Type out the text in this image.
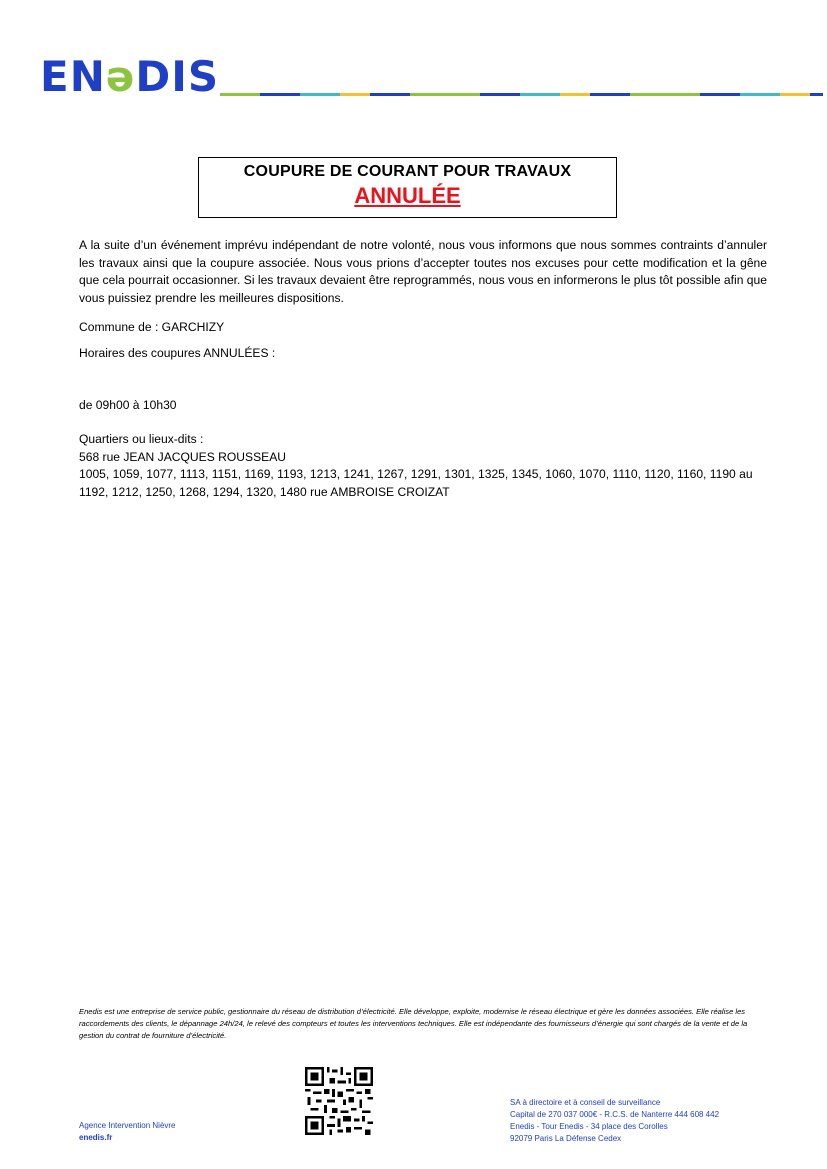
ENəDIS
COUPURE DE COURANT POUR TRAVAUX
ANNULÉE
A la suite d’un événement imprévu indépendant de notre volonté, nous vous informons que nous sommes contraints d’annuler les travaux ainsi que la coupure associée. Nous vous prions d’accepter toutes nos excuses pour cette modification et la gêne que cela pourrait occasionner. Si les travaux devaient être reprogrammés, nous vous en informerons le plus tôt possible afin que vous puissiez prendre les meilleures dispositions.
Commune de : GARCHIZY
Horaires des coupures ANNULÉES :
de 09h00 à 10h30
Quartiers ou lieux-dits :
568 rue JEAN JACQUES ROUSSEAU
1005, 1059, 1077, 1113, 1151, 1169, 1193, 1213, 1241, 1267, 1291, 1301, 1325, 1345, 1060, 1070, 1110, 1120, 1160, 1190 au 1192, 1212, 1250, 1268, 1294, 1320, 1480 rue AMBROISE CROIZAT
Enedis est une entreprise de service public, gestionnaire du réseau de distribution d’électricité. Elle développe, exploite, modernise le réseau électrique et gère les données associées. Elle réalise les raccordements des clients, le dépannage 24h/24, le relevé des compteurs et toutes les interventions techniques. Elle est indépendante des fournisseurs d’énergie qui sont chargés de la vente et de la gestion du contrat de fourniture d’électricité.
Agence Intervention Nièvre
enedis.fr
SA à directoire et à conseil de surveillance
Capital de 270 037 000€ - R.C.S. de Nanterre 444 608 442
Enedis - Tour Enedis - 34 place des Corolles
92079 Paris La Défense Cedex
